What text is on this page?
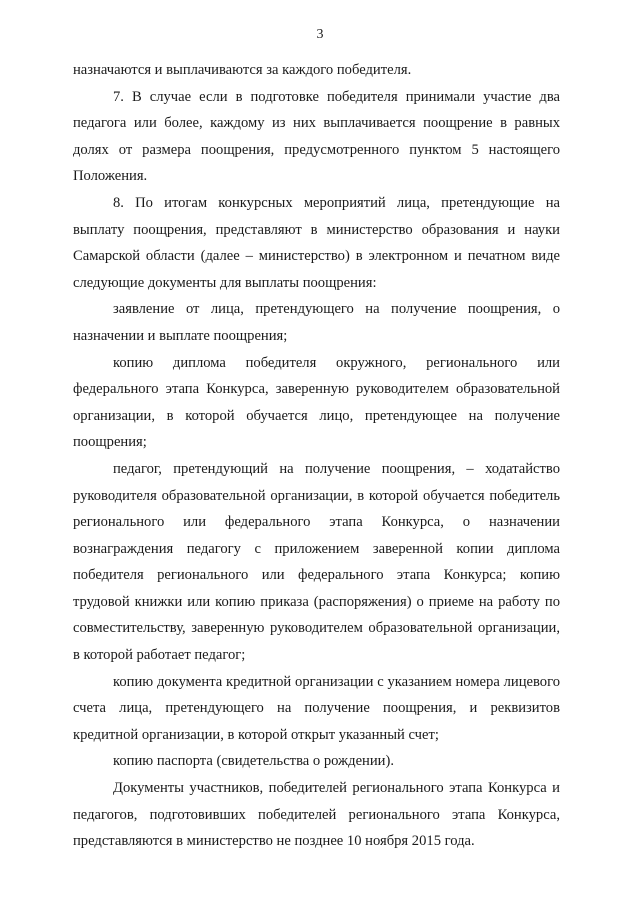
3

назначаются и выплачиваются за каждого победителя.

7. В случае если в подготовке победителя принимали участие два педагога или более, каждому из них выплачивается поощрение в равных долях от размера поощрения, предусмотренного пунктом 5 настоящего Положения.

8. По итогам конкурсных мероприятий лица, претендующие на выплату поощрения, представляют в министерство образования и науки Самарской области (далее – министерство) в электронном и печатном виде следующие документы для выплаты поощрения:

заявление от лица, претендующего на получение поощрения, о назначении и выплате поощрения;

копию диплома победителя окружного, регионального или федерального этапа Конкурса, заверенную руководителем образовательной организации, в которой обучается лицо, претендующее на получение поощрения;

педагог, претендующий на получение поощрения, – ходатайство руководителя образовательной организации, в которой обучается победитель регионального или федерального этапа Конкурса, о назначении вознаграждения педагогу с приложением заверенной копии диплома победителя регионального или федерального этапа Конкурса; копию трудовой книжки или копию приказа (распоряжения) о приеме на работу по совместительству, заверенную руководителем образовательной организации, в которой работает педагог;

копию документа кредитной организации с указанием номера лицевого счета лица, претендующего на получение поощрения, и реквизитов кредитной организации, в которой открыт указанный счет;

копию паспорта (свидетельства о рождении).

Документы участников, победителей регионального этапа Конкурса и педагогов, подготовивших победителей регионального этапа Конкурса, представляются в министерство не позднее 10 ноября 2015 года.
